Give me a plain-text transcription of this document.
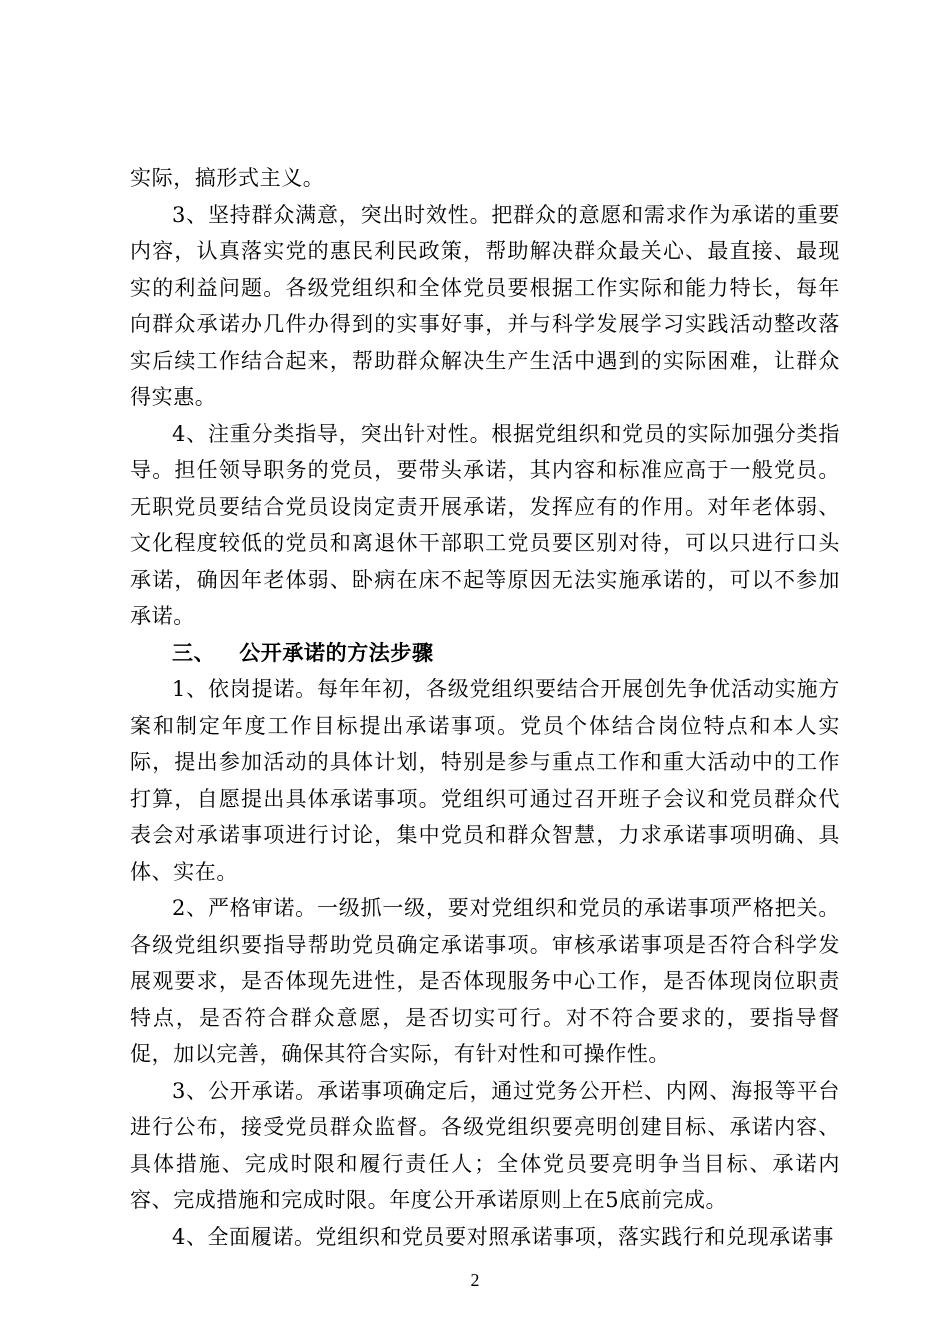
实际，搞形式主义。

3、坚持群众满意，突出时效性。把群众的意愿和需求作为承诺的重要内容，认真落实党的惠民利民政策，帮助解决群众最关心、最直接、最现实的利益问题。各级党组织和全体党员要根据工作实际和能力特长，每年向群众承诺办几件办得到的实事好事，并与科学发展学习实践活动整改落实后续工作结合起来，帮助群众解决生产生活中遇到的实际困难，让群众得实惠。

4、注重分类指导，突出针对性。根据党组织和党员的实际加强分类指导。担任领导职务的党员，要带头承诺，其内容和标准应高于一般党员。无职党员要结合党员设岗定责开展承诺，发挥应有的作用。对年老体弱、文化程度较低的党员和离退休干部职工党员要区别对待，可以只进行口头承诺，确因年老体弱、卧病在床不起等原因无法实施承诺的，可以不参加承诺。

三、 公开承诺的方法步骤

1、依岗提诺。每年年初，各级党组织要结合开展创先争优活动实施方案和制定年度工作目标提出承诺事项。党员个体结合岗位特点和本人实际，提出参加活动的具体计划，特别是参与重点工作和重大活动中的工作打算，自愿提出具体承诺事项。党组织可通过召开班子会议和党员群众代表会对承诺事项进行讨论，集中党员和群众智慧，力求承诺事项明确、具体、实在。

2、严格审诺。一级抓一级，要对党组织和党员的承诺事项严格把关。各级党组织要指导帮助党员确定承诺事项。审核承诺事项是否符合科学发展观要求，是否体现先进性，是否体现服务中心工作，是否体现岗位职责特点，是否符合群众意愿，是否切实可行。对不符合要求的，要指导督促，加以完善，确保其符合实际，有针对性和可操作性。

3、公开承诺。承诺事项确定后，通过党务公开栏、内网、海报等平台进行公布，接受党员群众监督。各级党组织要亮明创建目标、承诺内容、具体措施、完成时限和履行责任人；全体党员要亮明争当目标、承诺内容、完成措施和完成时限。年度公开承诺原则上在5底前完成。

4、全面履诺。党组织和党员要对照承诺事项，落实践行和兑现承诺事

2
